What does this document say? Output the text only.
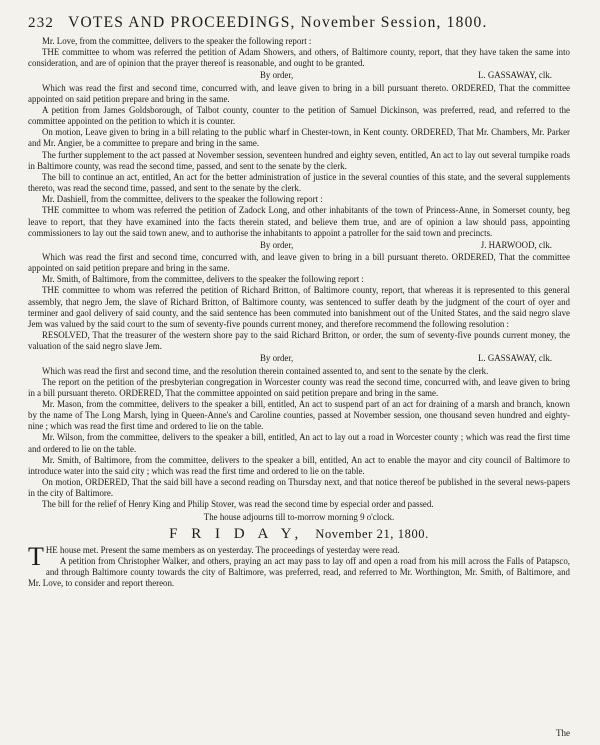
232 VOTES AND PROCEEDINGS, November Session, 1800.

Mr. Love, from the committee, delivers to the speaker the following report :

THE committee to whom was referred the petition of Adam Showers, and others, of Baltimore county, report, that they have taken the same into consideration, and are of opinion that the prayer thereof is reasonable, and ought to be granted.

By order,	L. GASSAWAY, clk.

Which was read the first and second time, concurred with, and leave given to bring in a bill pursuant thereto. ORDERED, That the committee appointed on said petition prepare and bring in the same.

A petition from James Goldsborough, of Talbot county, counter to the petition of Samuel Dickinson, was preferred, read, and referred to the committee appointed on the petition to which it is counter.

On motion, Leave given to bring in a bill relating to the public wharf in Chester-town, in Kent county. ORDERED, That Mr. Chambers, Mr. Parker and Mr. Angier, be a committee to prepare and bring in the same.

The further supplement to the act passed at November session, seventeen hundred and eighty seven, entitled, An act to lay out several turnpike roads in Baltimore county, was read the second time, passed, and sent to the senate by the clerk.

The bill to continue an act, entitled, An act for the better administration of justice in the several counties of this state, and the several supplements thereto, was read the second time, passed, and sent to the senate by the clerk.

Mr. Dashiell, from the committee, delivers to the speaker the following report :

THE committee to whom was referred the petition of Zadock Long, and other inhabitants of the town of Princess-Anne, in Somerset county, beg leave to report, that they have examined into the facts therein stated, and believe them true, and are of opinion a law should pass, appointing commissioners to lay out the said town anew, and to authorise the inhabitants to appoint a patroller for the said town and precincts.

By order,	J. HARWOOD, clk.

Which was read the first and second time, concurred with, and leave given to bring in a bill pursuant thereto. ORDERED, That the committee appointed on said petition prepare and bring in the same.

Mr. Smith, of Baltimore, from the committee, delivers to the speaker the following report :

THE committee to whom was referred the petition of Richard Britton, of Baltimore county, report, that whereas it is represented to this general assembly, that negro Jem, the slave of Richard Britton, of Baltimore county, was sentenced to suffer death by the judgment of the court of oyer and terminer and gaol delivery of said county, and the said sentence has been commuted into banishment out of the United States, and the said negro slave Jem was valued by the said court to the sum of seventy-five pounds current money, and therefore recommend the following resolution :

RESOLVED, That the treasurer of the western shore pay to the said Richard Britton, or order, the sum of seventy-five pounds current money, the valuation of the said negro slave Jem.

By order,	L. GASSAWAY, clk.

Which was read the first and second time, and the resolution therein contained assented to, and sent to the senate by the clerk.

The report on the petition of the presbyterian congregation in Worcester county was read the second time, concurred with, and leave given to bring in a bill pursuant thereto. ORDERED, That the committee appointed on said petition prepare and bring in the same.

Mr. Mason, from the committee, delivers to the speaker a bill, entitled, An act to suspend part of an act for draining of a marsh and branch, known by the name of The Long Marsh, lying in Queen-Anne's and Caroline counties, passed at November session, one thousand seven hundred and eighty-nine ; which was read the first time and ordered to lie on the table.

Mr. Wilson, from the committee, delivers to the speaker a bill, entitled, An act to lay out a road in Worcester county ; which was read the first time and ordered to lie on the table.

Mr. Smith, of Baltimore, from the committee, delivers to the speaker a bill, entitled, An act to enable the mayor and city council of Baltimore to introduce water into the said city ; which was read the first time and ordered to lie on the table.

On motion, ORDERED, That the said bill have a second reading on Thursday next, and that notice thereof be published in the several news-papers in the city of Baltimore.

The bill for the relief of Henry King and Philip Stover, was read the second time by especial order and passed.

The house adjourns till to-morrow morning 9 o'clock.

F R I D A Y, November 21, 1800.

THE house met. Present the same members as on yesterday. The proceedings of yesterday were read.

A petition from Christopher Walker, and others, praying an act may pass to lay off and open a road from his mill across the Falls of Patapsco, and through Baltimore county towards the city of Baltimore, was preferred, read, and referred to Mr. Worthington, Mr. Smith, of Baltimore, and Mr. Love, to consider and report thereon.

The
